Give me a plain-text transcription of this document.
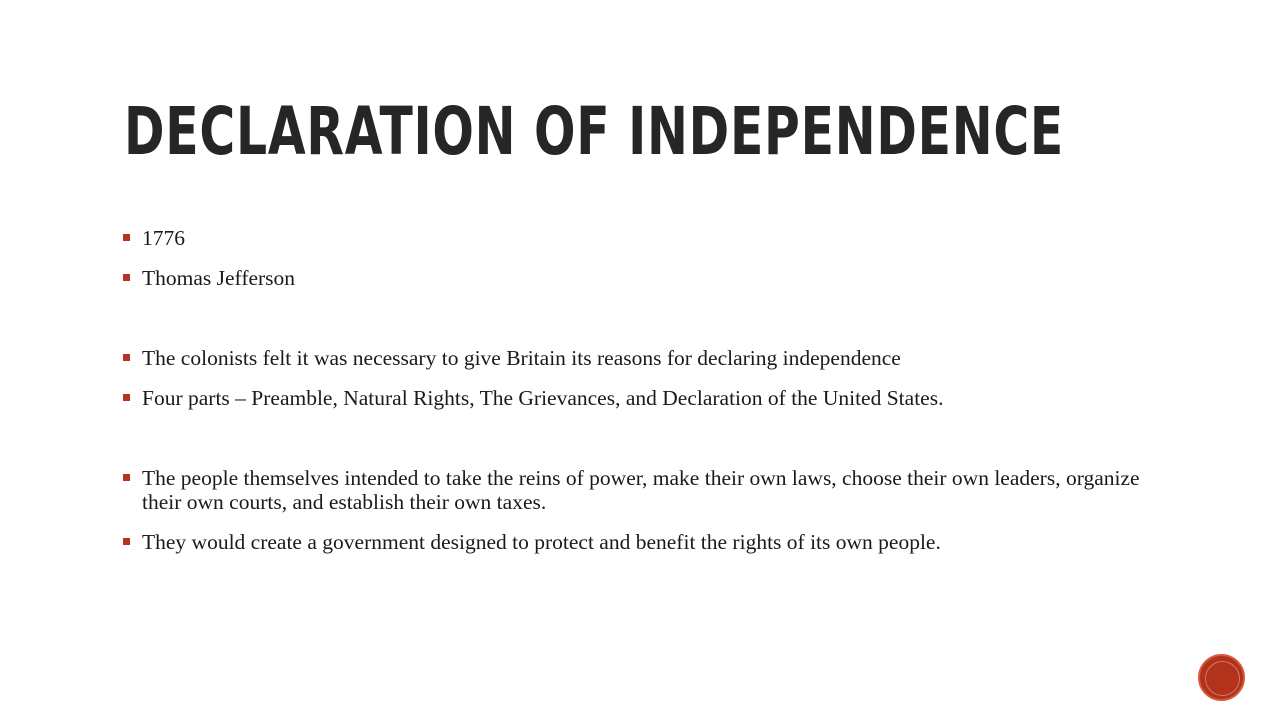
DECLARATION OF INDEPENDENCE
1776
Thomas Jefferson
The colonists felt it was necessary to give Britain its reasons for declaring independence
Four parts – Preamble, Natural Rights, The Grievances, and Declaration of the United States.
The people themselves intended to take the reins of power, make their own laws, choose their own leaders, organize their own courts, and establish their own taxes.
They would create a government designed to protect and benefit the rights of its own people.
